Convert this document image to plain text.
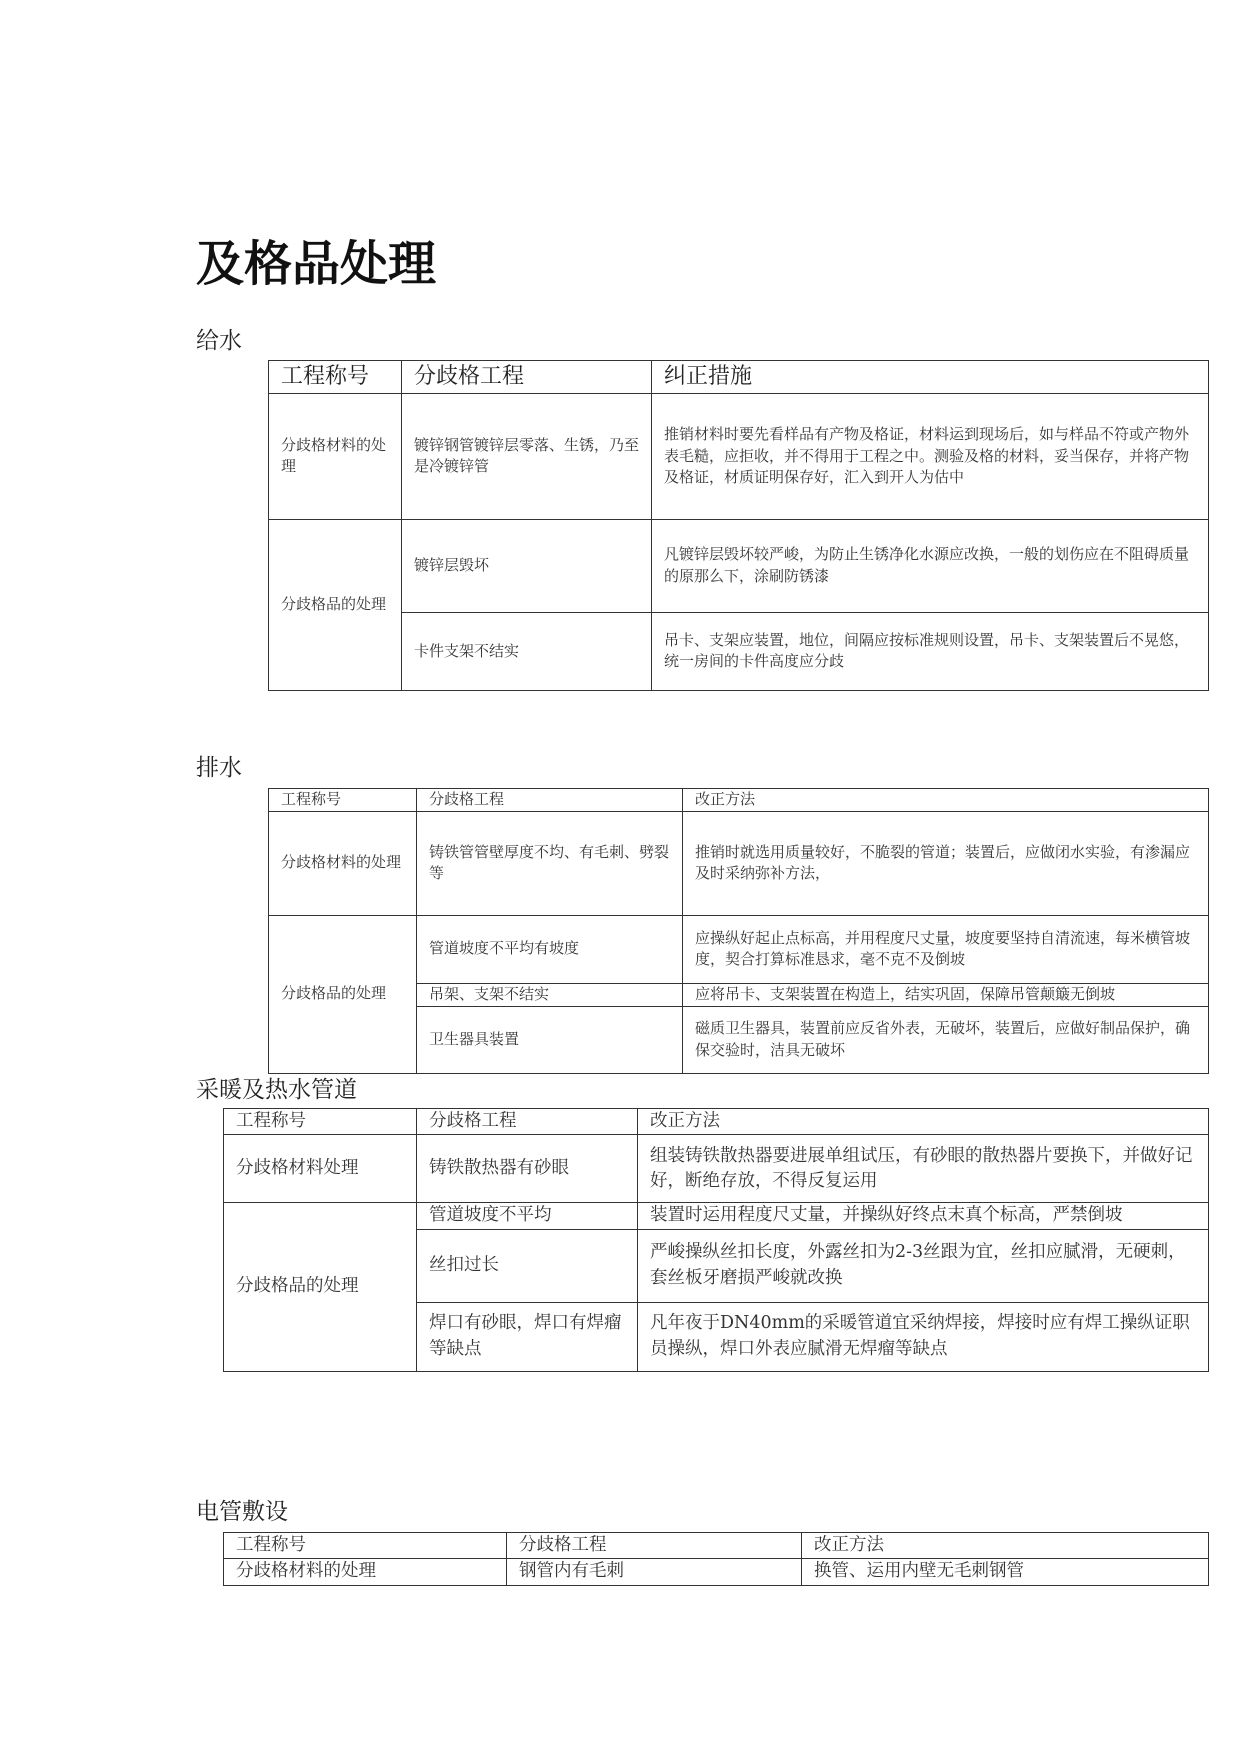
及格品处理
给水
工程称号	分歧格工程	纠正措施
分歧格材料的处理	镀锌钢管镀锌层零落、生锈，乃至是冷镀锌管	推销材料时要先看样品有产物及格证，材料运到现场后，如与样品不符或产物外表毛糙，应拒收，并不得用于工程之中。测验及格的材料，妥当保存，并将产物及格证，材质证明保存好，汇入到开人为估中
分歧格品的处理	镀锌层毁坏	凡镀锌层毁坏较严峻，为防止生锈净化水源应改换，一般的划伤应在不阻碍质量的原那么下，涂刷防锈漆
	卡件支架不结实	吊卡、支架应装置，地位，间隔应按标准规则设置，吊卡、支架装置后不晃悠，统一房间的卡件高度应分歧
排水
工程称号	分歧格工程	改正方法
分歧格材料的处理	铸铁管管壁厚度不均、有毛刺、劈裂等	推销时就选用质量较好，不脆裂的管道；装置后，应做闭水实验，有渗漏应及时采纳弥补方法，
分歧格品的处理	管道坡度不平均有坡度	应操纵好起止点标高，并用程度尺丈量，坡度要坚持自清流速，每米横管坡度，契合打算标准恳求，毫不克不及倒坡
	吊架、支架不结实	应将吊卡、支架装置在构造上，结实巩固，保障吊管颠簸无倒坡
	卫生器具装置	磁质卫生器具，装置前应反省外表，无破坏，装置后，应做好制品保护，确保交验时，洁具无破坏
采暖及热水管道
工程称号	分歧格工程	改正方法
分歧格材料处理	铸铁散热器有砂眼	组装铸铁散热器要进展单组试压，有砂眼的散热器片要换下，并做好记好，断绝存放，不得反复运用
分歧格品的处理	管道坡度不平均	装置时运用程度尺丈量，并操纵好终点末真个标高，严禁倒坡
	丝扣过长	严峻操纵丝扣长度，外露丝扣为2-3丝跟为宜，丝扣应腻滑，无硬刺，套丝板牙磨损严峻就改换
	焊口有砂眼，焊口有焊瘤等缺点	凡年夜于DN40mm的采暖管道宜采纳焊接，焊接时应有焊工操纵证职员操纵，焊口外表应腻滑无焊瘤等缺点
电管敷设
工程称号	分歧格工程	改正方法
分歧格材料的处理	钢管内有毛刺	换管、运用内壁无毛刺钢管
